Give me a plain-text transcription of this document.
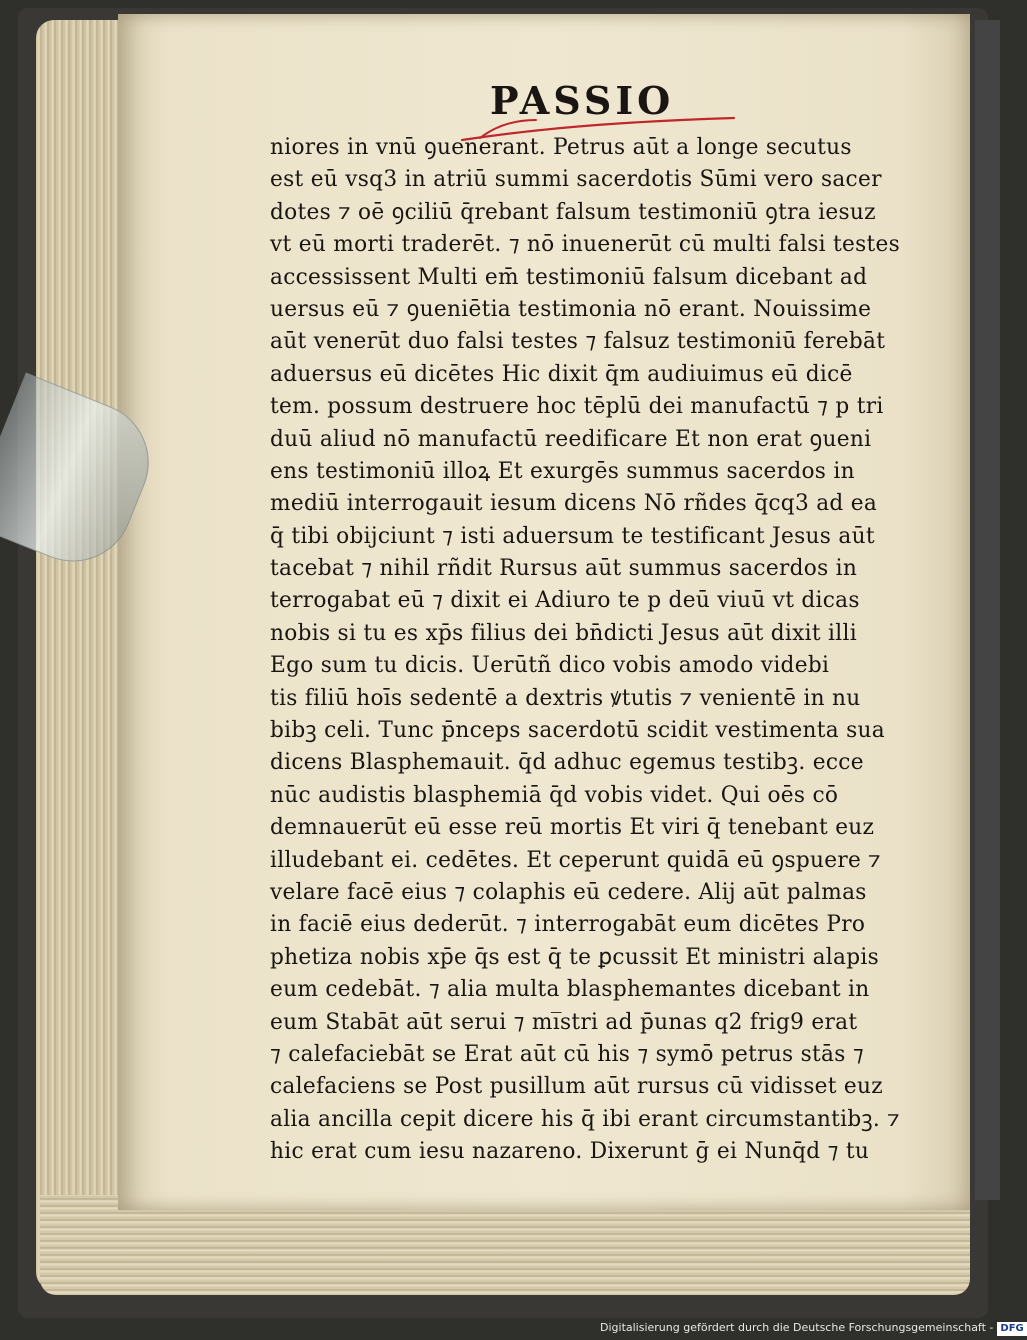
PASSIO
niores in vnū ꝯuenerant. Petrus aūt a longe secutus
est eū vsq3 in atriū summi sacerdotis Sūmi vero sacer
dotes ⁊ oē ꝯciliū q̄rebant falsum testimoniū ꝯtra iesuz
vt eū morti traderēt. ⁊ nō inuenerūt cū multi falsi testes
accessissent Multi em̄ testimoniū falsum dicebant ad
uersus eū ⁊ ꝯueniētia testimonia nō erant. Nouissime
aūt venerūt duo falsi testes ⁊ falsuz testimoniū ferebāt
aduersus eū dicētes Hic dixit q̄m audiuimus eū dicē
tem. possum destruere hoc tēplū dei manufactū ⁊ p tri
duū aliud nō manufactū reedificare Et non erat ꝯueni
ens testimoniū illoꝝ Et exurgēs summus sacerdos in
mediū interrogauit iesum dicens Nō rñdes q̄cq3 ad ea
q̄ tibi obijciunt ⁊ isti aduersum te testificant Jesus aūt
tacebat ⁊ nihil rñdit Rursus aūt summus sacerdos in
terrogabat eū ⁊ dixit ei Adiuro te p deū viuū vt dicas
nobis si tu es xp̄s filius dei bn̄dicti Jesus aūt dixit illi
Ego sum tu dicis. Uerūtñ dico vobis amodo videbi
tis filiū hoīs sedentē a dextris ꝟtutis ⁊ venientē in nu
bibꝫ celi. Tunc p̄nceps sacerdotū scidit vestimenta sua
dicens Blasphemauit. q̄d adhuc egemus testibꝫ. ecce
nūc audistis blasphemiā q̄d vobis videt. Qui oēs cō
demnauerūt eū esse reū mortis Et viri q̄ tenebant euz
illudebant ei. cedētes. Et ceperunt quidā eū ꝯspuere ⁊
velare facē eius ⁊ colaphis eū cedere. Alij aūt palmas
in faciē eius dederūt. ⁊ interrogabāt eum dicētes Pro
phetiza nobis xp̄e q̄s est q̄ te ꝑcussit Et ministri alapis
eum cedebāt. ⁊ alia multa blasphemantes dicebant in
eum Stabāt aūt serui ⁊ mi̅stri ad p̄unas q2 frig9 erat
⁊ calefaciebāt se Erat aūt cū his ⁊ symō petrus stās ⁊
calefaciens se Post pusillum aūt rursus cū vidisset euz
alia ancilla cepit dicere his q̄ ibi erant circumstantibꝫ. ⁊
hic erat cum iesu nazareno. Dixerunt ḡ ei Nunq̄d ⁊ tu
Digitalisierung gefördert durch die Deutsche Forschungsgemeinschaft - DFG
